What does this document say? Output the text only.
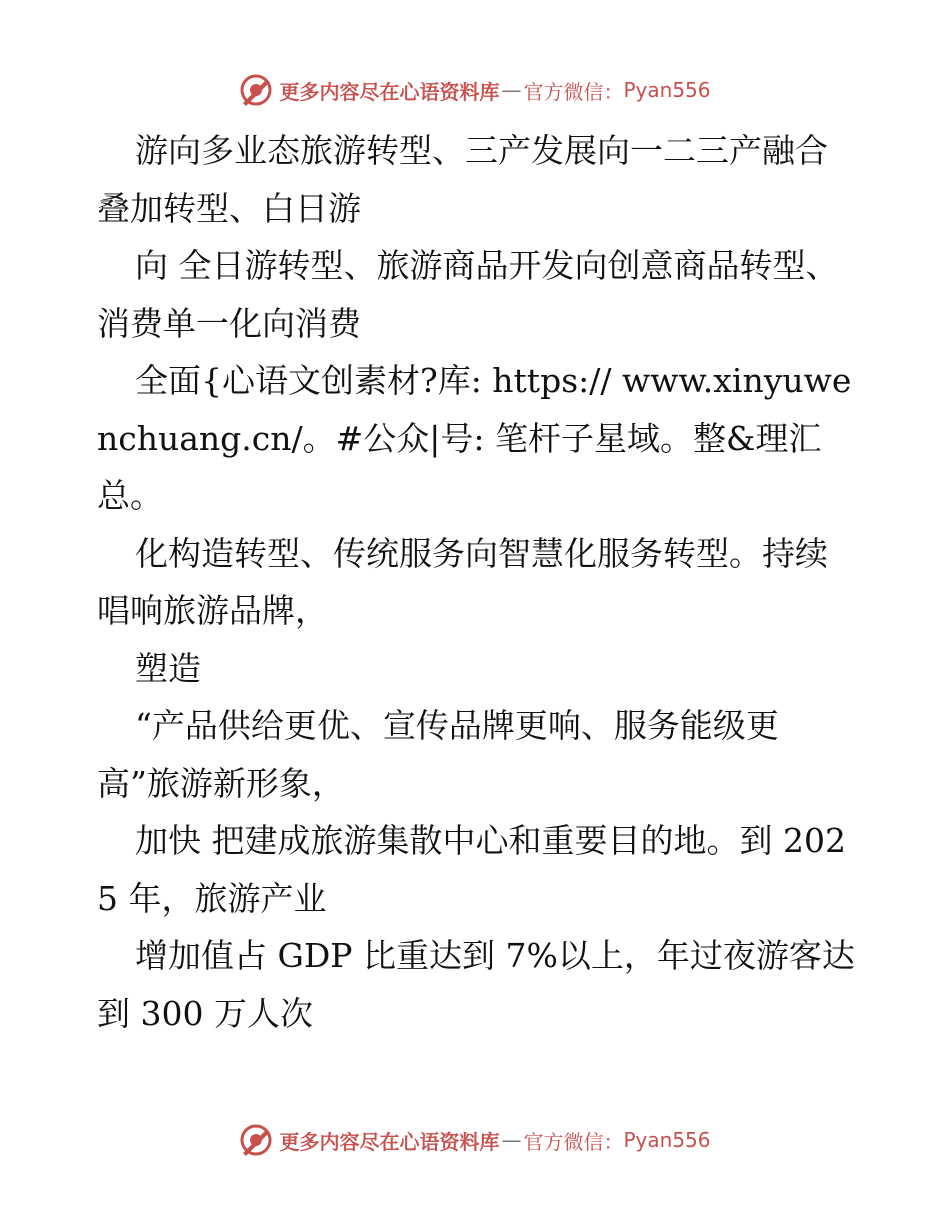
更多内容尽在心语资料库 — 官方微信： Pyan556

游向多业态旅游转型、三产发展向一二三产融合叠加转型、白日游

向 全日游转型、旅游商品开发向创意商品转型、消费单一化向消费

全面{心语文创素材?库: https:// www.xinyuwenchuang.cn/。#公众|号: 笔杆子星域。整&理汇总。

化构造转型、传统服务向智慧化服务转型。持续唱响旅游品牌，

塑造

“产品供给更优、宣传品牌更响、服务能级更高”旅游新形象，

加快 把建成旅游集散中心和重要目的地。到 2025 年，旅游产业

增加值占 GDP 比重达到 7%以上，年过夜游客达到 300 万人次

更多内容尽在心语资料库 — 官方微信： Pyan556
